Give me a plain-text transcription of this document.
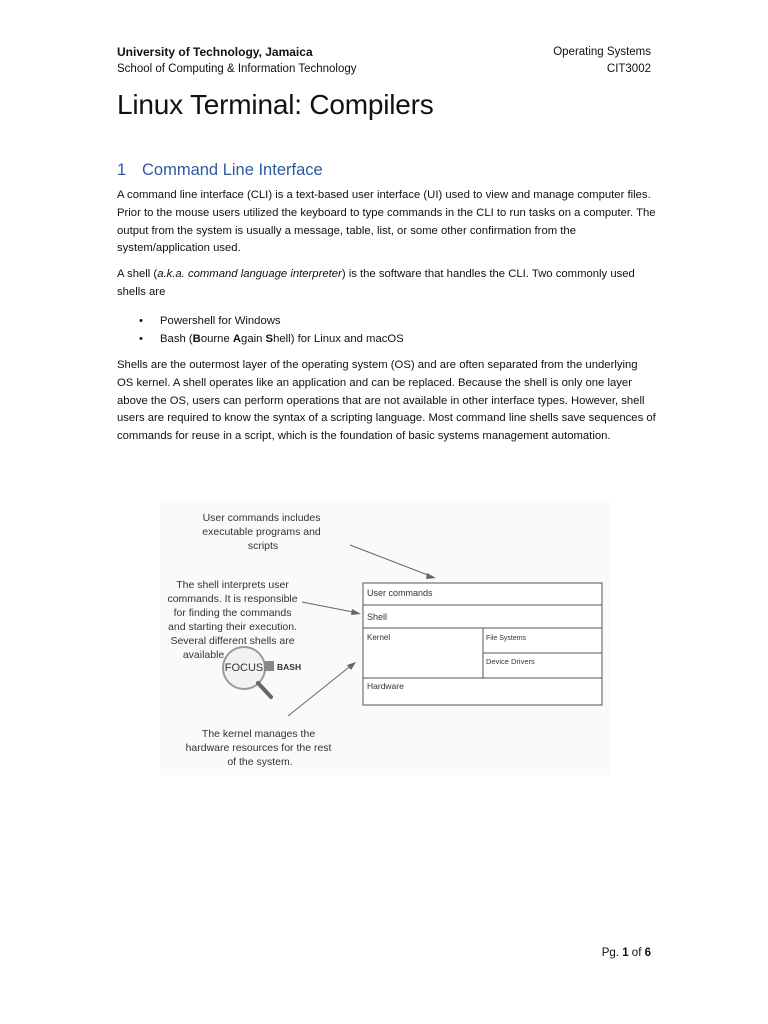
University of Technology, Jamaica
School of Computing & Information Technology
Operating Systems
CIT3002
Linux Terminal: Compilers
1 Command Line Interface

A command line interface (CLI) is a text-based user interface (UI) used to view and manage computer files. Prior to the mouse users utilized the keyboard to type commands in the CLI to run tasks on a computer. The output from the system is usually a message, table, list, or some other confirmation from the system/application used.

A shell (a.k.a. command language interpreter) is the software that handles the CLI. Two commonly used shells are

• Powershell for Windows
• Bash (Bourne Again Shell) for Linux and macOS

Shells are the outermost layer of the operating system (OS) and are often separated from the underlying OS kernel. A shell operates like an application and can be replaced. Because the shell is only one layer above the OS, users can perform operations that are not available in other interface types. However, shell users are required to know the syntax of a scripting language. Most command line shells save sequences of commands for reuse in a script, which is the foundation of basic systems management automation.

User commands includes executable programs and scripts
The shell interprets user commands. It is responsible for finding the commands and starting their execution. Several different shells are available.
FOCUS BASH
User commands
Shell
Kernel	File Systems
Device Drivers
Hardware
The kernel manages the hardware resources for the rest of the system.
Pg. 1 of 6
